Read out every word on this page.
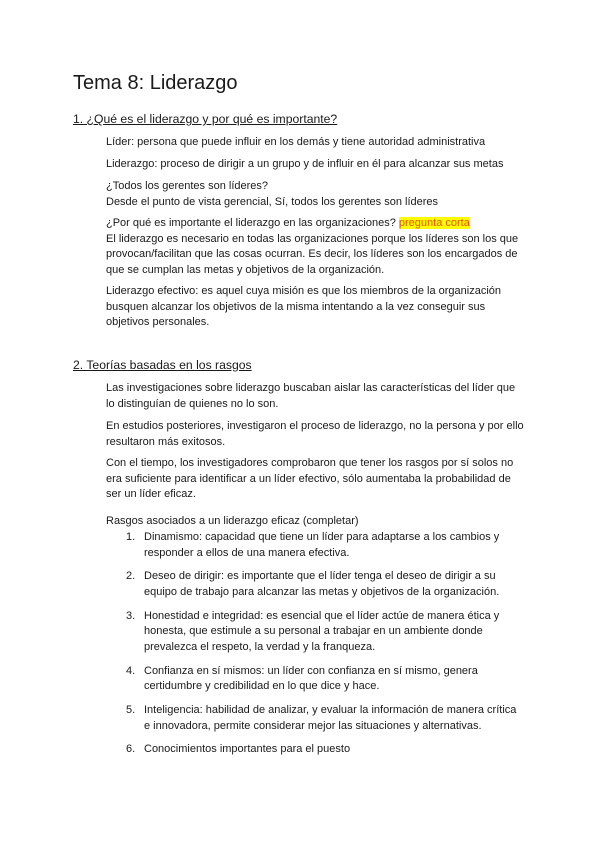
Tema 8: Liderazgo
1. ¿Qué es el liderazgo y por qué es importante?

Líder: persona que puede influir en los demás y tiene autoridad administrativa

Liderazgo: proceso de dirigir a un grupo y de influir en él para alcanzar sus metas

¿Todos los gerentes son líderes?
Desde el punto de vista gerencial, Sí, todos los gerentes son líderes
¿Por qué es importante el liderazgo en las organizaciones? pregunta corta
El liderazgo es necesario en todas las organizaciones porque los líderes son los que provocan/facilitan que las cosas ocurran. Es decir, los líderes son los encargados de que se cumplan las metas y objetivos de la organización.

Liderazgo efectivo: es aquel cuya misión es que los miembros de la organización busquen alcanzar los objetivos de la misma intentando a la vez conseguir sus objetivos personales.

2. Teorías basadas en los rasgos

Las investigaciones sobre liderazgo buscaban aislar las características del líder que lo distinguían de quienes no lo son.

En estudios posteriores, investigaron el proceso de liderazgo, no la persona y por ello resultaron más exitosos.

Con el tiempo, los investigadores comprobaron que tener los rasgos por sí solos no era suficiente para identificar a un líder efectivo, sólo aumentaba la probabilidad de ser un líder eficaz.

Rasgos asociados a un liderazgo eficaz (completar)

1. Dinamismo: capacidad que tiene un líder para adaptarse a los cambios y responder a ellos de una manera efectiva.
2. Deseo de dirigir: es importante que el líder tenga el deseo de dirigir a su equipo de trabajo para alcanzar las metas y objetivos de la organización.
3. Honestidad e integridad: es esencial que el líder actúe de manera ética y honesta, que estimule a su personal a trabajar en un ambiente donde prevalezca el respeto, la verdad y la franqueza.
4. Confianza en sí mismos: un líder con confianza en sí mismo, genera certidumbre y credibilidad en lo que dice y hace.
5. Inteligencia: habilidad de analizar, y evaluar la información de manera crítica e innovadora, permite considerar mejor las situaciones y alternativas.
6. Conocimientos importantes para el puesto
